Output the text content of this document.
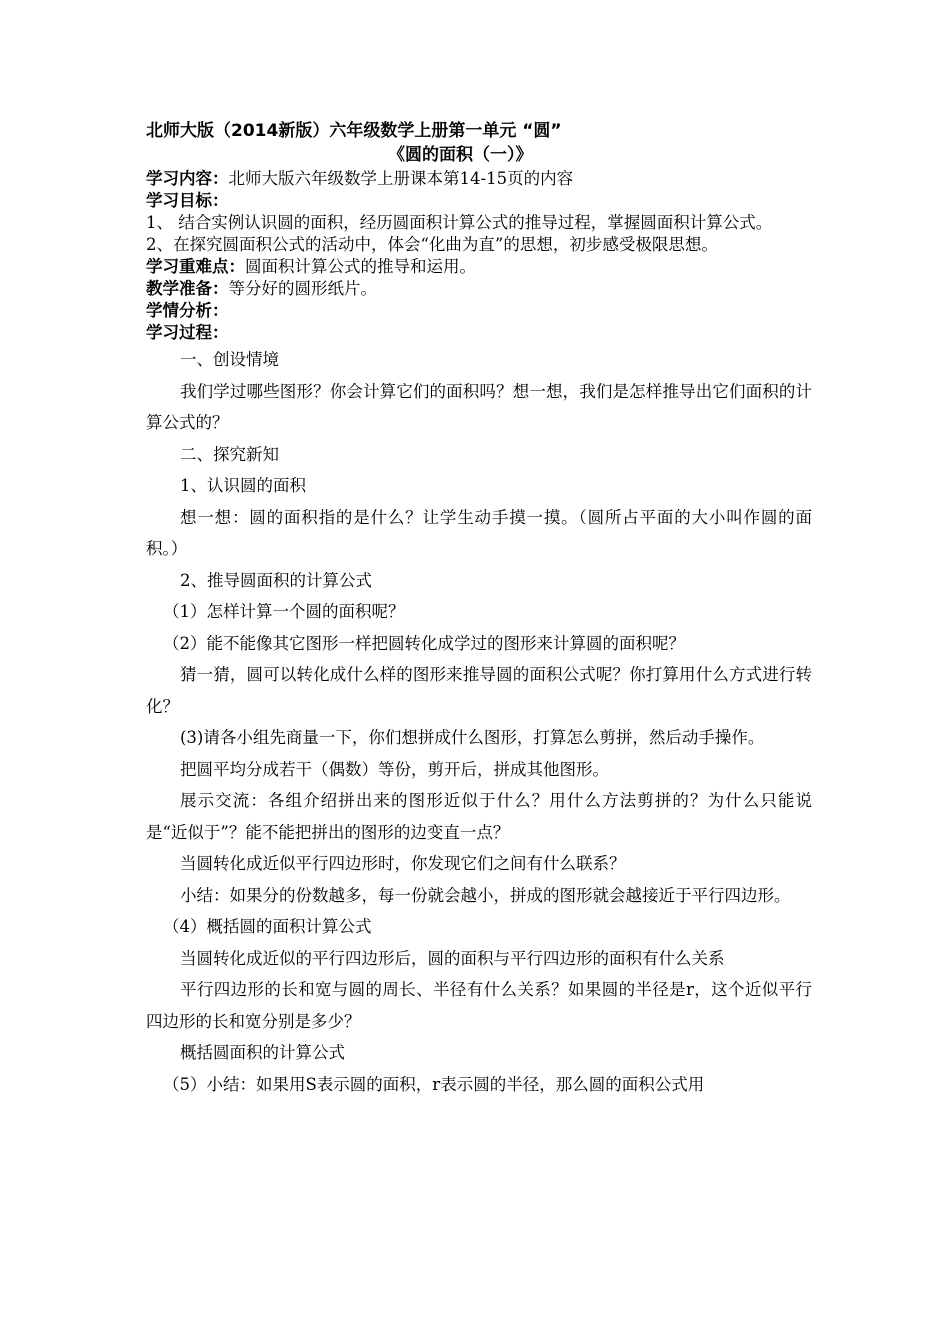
北师大版（2014新版）六年级数学上册第一单元 “圆”
《圆的面积（一）》
学习内容：北师大版六年级数学上册课本第14-15页的内容
学习目标：
1、 结合实例认识圆的面积，经历圆面积计算公式的推导过程，掌握圆面积计算公式。
2、在探究圆面积公式的活动中，体会“化曲为直”的思想，初步感受极限思想。
学习重难点：圆面积计算公式的推导和运用。
教学准备：等分好的圆形纸片。
学情分析：
学习过程：
一、创设情境
我们学过哪些图形？你会计算它们的面积吗？想一想，我们是怎样推导出它们面积的计算公式的？
二、探究新知
1、认识圆的面积
想一想：圆的面积指的是什么？让学生动手摸一摸。（圆所占平面的大小叫作圆的面积。）
2、推导圆面积的计算公式
（1）怎样计算一个圆的面积呢？
（2）能不能像其它图形一样把圆转化成学过的图形来计算圆的面积呢？
猜一猜，圆可以转化成什么样的图形来推导圆的面积公式呢？你打算用什么方式进行转化？
(3)请各小组先商量一下，你们想拼成什么图形，打算怎么剪拼，然后动手操作。
把圆平均分成若干（偶数）等份，剪开后，拼成其他图形。
展示交流：各组介绍拼出来的图形近似于什么？用什么方法剪拼的？为什么只能说是“近似于”？能不能把拼出的图形的边变直一点？
当圆转化成近似平行四边形时，你发现它们之间有什么联系？
小结：如果分的份数越多，每一份就会越小，拼成的图形就会越接近于平行四边形。
（4）概括圆的面积计算公式
当圆转化成近似的平行四边形后，圆的面积与平行四边形的面积有什么关系
平行四边形的长和宽与圆的周长、半径有什么关系？如果圆的半径是r，这个近似平行四边形的长和宽分别是多少？
概括圆面积的计算公式
（5）小结：如果用S表示圆的面积，r表示圆的半径，那么圆的面积公式用
